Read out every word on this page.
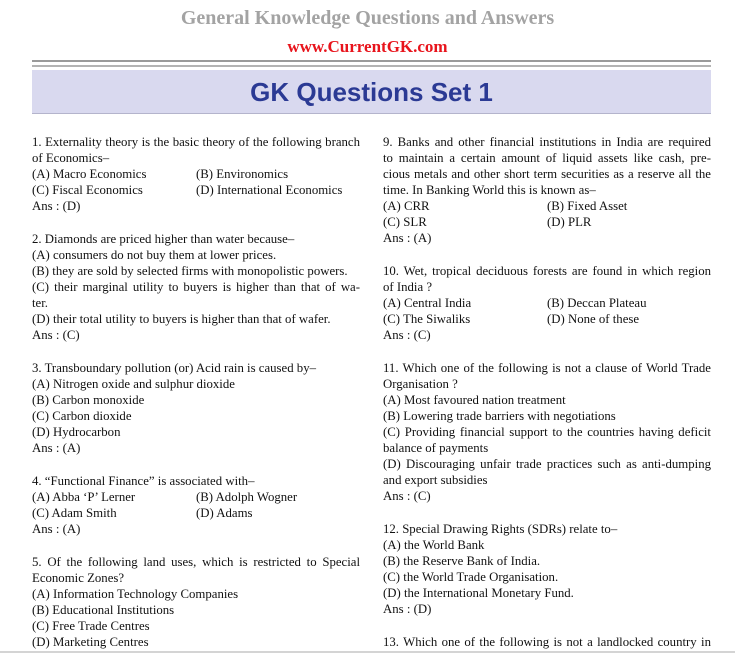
General Knowledge Questions and Answers
www.CurrentGK.com
GK Questions Set 1
1. Externality theory is the basic theory of the following branch
of Economics–
(A) Macro Economics	(B) Environomics
(C) Fiscal Economics	(D) International Economics
Ans : (D)
2. Diamonds are priced higher than water because–
(A) consumers do not buy them at lower prices.
(B) they are sold by selected firms with monopolistic powers.
(C) their marginal utility to buyers is higher than that of wa-
ter.
(D) their total utility to buyers is higher than that of wafer.
Ans : (C)
3. Transboundary pollution (or) Acid rain is caused by–
(A) Nitrogen oxide and sulphur dioxide
(B) Carbon monoxide
(C) Carbon dioxide
(D) Hydrocarbon
Ans : (A)
4. “Functional Finance” is associated with–
(A) Abba ‘P’ Lerner	(B) Adolph Wogner
(C) Adam Smith	(D) Adams
Ans : (A)
5. Of the following land uses, which is restricted to Special
Economic Zones?
(A) Information Technology Companies
(B) Educational Institutions
(C) Free Trade Centres
(D) Marketing Centres
9. Banks and other financial institutions in India are required
to maintain a certain amount of liquid assets like cash, pre-
cious metals and other short term securities as a reserve all the
time. In Banking World this is known as–
(A) CRR	(B) Fixed Asset
(C) SLR	(D) PLR
Ans : (A)
10. Wet, tropical deciduous forests are found in which region
of India ?
(A) Central India	(B) Deccan Plateau
(C) The Siwaliks	(D) None of these
Ans : (C)
11. Which one of the following is not a clause of World Trade
Organisation ?
(A) Most favoured nation treatment
(B) Lowering trade barriers with negotiations
(C) Providing financial support to the countries having deficit
balance of payments
(D) Discouraging unfair trade practices such as anti-dumping
and export subsidies
Ans : (C)
12. Special Drawing Rights (SDRs) relate to–
(A) the World Bank
(B) the Reserve Bank of India.
(C) the World Trade Organisation.
(D) the International Monetary Fund.
Ans : (D)
13. Which one of the following is not a landlocked country in
